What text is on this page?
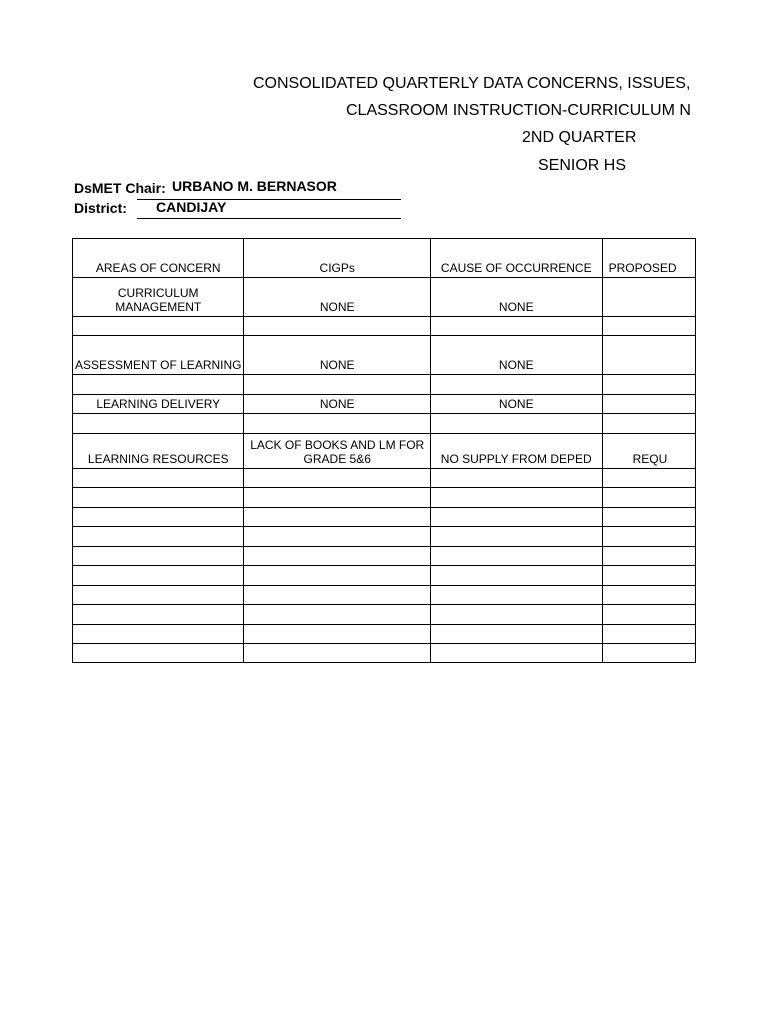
CONSOLIDATED QUARTERLY DATA CONCERNS, ISSUES,
CLASSROOM INSTRUCTION-CURRICULUM N
2ND QUARTER
SENIOR HS
DsMET Chair: URBANO M. BERNASOR
District: CANDIJAY
AREAS OF CONCERN	CIGPs	CAUSE OF OCCURRENCE	PROPOSED

CURRICULUM MANAGEMENT	NONE	NONE	

ASSESSMENT OF LEARNING	NONE	NONE	

LEARNING DELIVERY	NONE	NONE	

LEARNING RESOURCES	LACK OF BOOKS AND LM FOR GRADE 5&6	NO SUPPLY FROM DEPED	REQU
